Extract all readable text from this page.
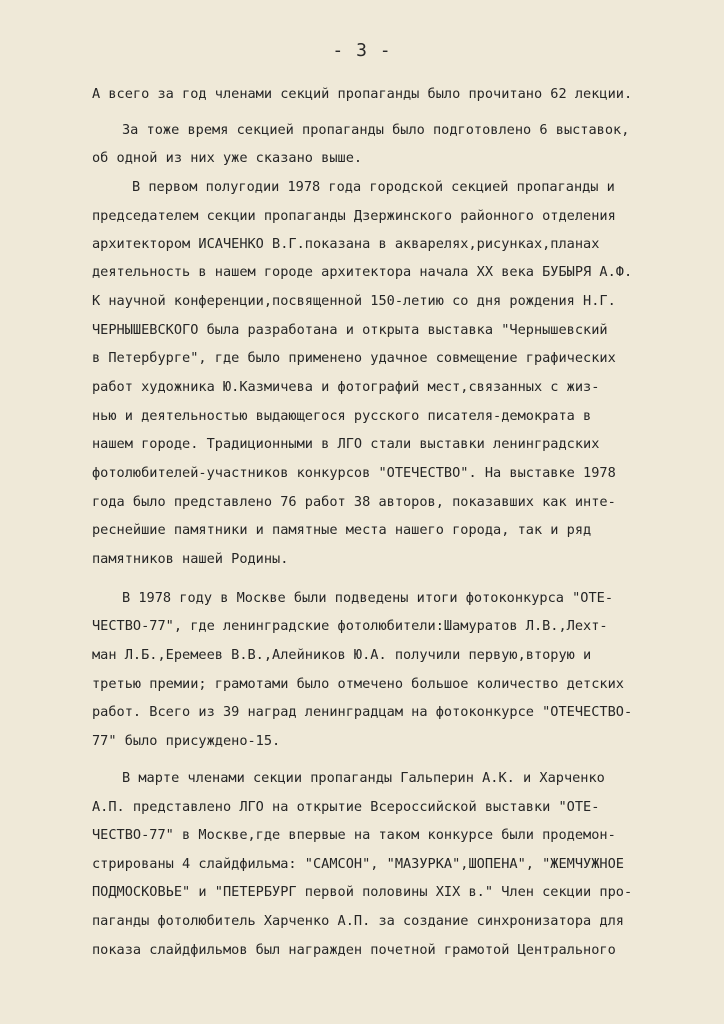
- 3 -
А всего за год членами секций пропаганды было прочитано 62 лекции.
За тоже время секцией пропаганды было подготовлено 6 выставок,
об одной из них уже сказано выше.
В первом полугодии 1978 года городской секцией пропаганды и
председателем секции пропаганды Дзержинского районного отделения
архитектором ИСАЧЕНКО В.Г.показана в акварелях,рисунках,планах
деятельность в нашем городе архитектора начала XX века БУБЫРЯ А.Ф.
К научной конференции,посвященной 150-летию со дня рождения Н.Г.
ЧЕРНЫШЕВСКОГО была разработана и открыта выставка "Чернышевский
в Петербурге", где было применено удачное совмещение графических
работ художника Ю.Казмичева и фотографий мест,связанных с жиз-
нью и деятельностью выдающегося русского писателя-демократа в
нашем городе. Традиционными в ЛГО стали выставки ленинградских
фотолюбителей-участников конкурсов "ОТЕЧЕСТВО". На выставке 1978
года было представлено 76 работ 38 авторов, показавших как инте-
реснейшие памятники и памятные места нашего города, так и ряд
памятников нашей Родины.
В 1978 году в Москве были подведены итоги фотоконкурса "ОТЕ-
ЧЕСТВО-77", где ленинградские фотолюбители:Шамуратов Л.В.,Лехт-
ман Л.Б.,Еремеев В.В.,Алейников Ю.А. получили первую,вторую и
третью премии; грамотами было отмечено большое количество детских
работ. Всего из 39 наград ленинградцам на фотоконкурсе "ОТЕЧЕСТВО-
77" было присуждено-15.
В марте членами секции пропаганды Гальперин А.К. и Харченко
А.П. представлено ЛГО на открытие Всероссийской выставки "ОТЕ-
ЧЕСТВО-77" в Москве,где впервые на таком конкурсе были продемон-
стрированы 4 слайдфильма: "САМСОН", "МАЗУРКА",ШОПЕНА", "ЖЕМЧУЖНОЕ
ПОДМОСКОВЬЕ" и "ПЕТЕРБУРГ первой половины XIX в." Член секции про-
паганды фотолюбитель Харченко А.П. за создание синхронизатора для
показа слайдфильмов был награжден почетной грамотой Центрального
